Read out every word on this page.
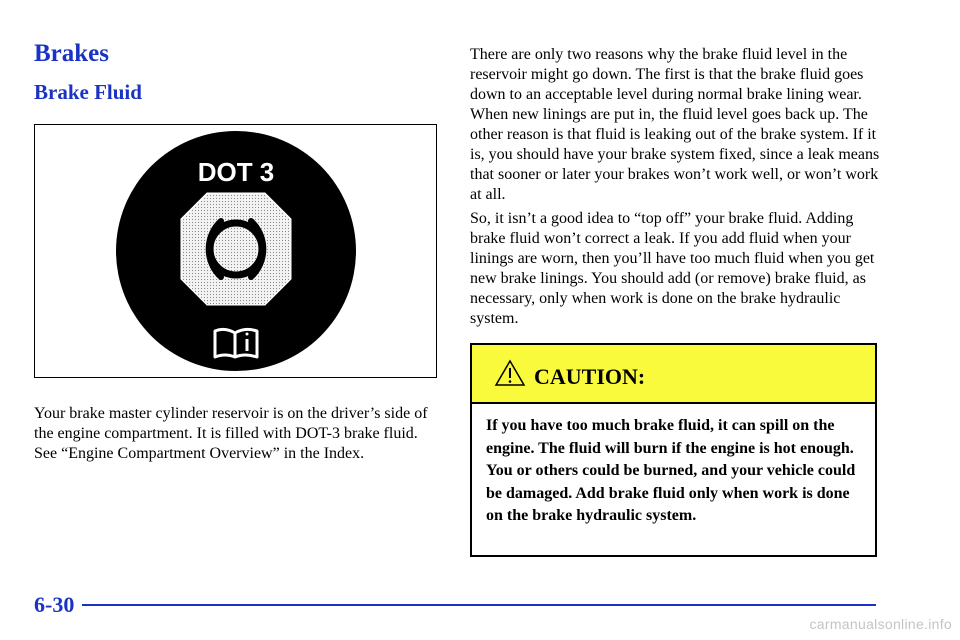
Brakes
Brake Fluid
DOT 3

Your brake master cylinder reservoir is on the driver’s side of the engine compartment. It is filled with DOT-3 brake fluid. See “Engine Compartment Overview” in the Index.

There are only two reasons why the brake fluid level in the reservoir might go down. The first is that the brake fluid goes down to an acceptable level during normal brake lining wear. When new linings are put in, the fluid level goes back up. The other reason is that fluid is leaking out of the brake system. If it is, you should have your brake system fixed, since a leak means that sooner or later your brakes won’t work well, or won’t work at all.

So, it isn’t a good idea to “top off” your brake fluid. Adding brake fluid won’t correct a leak. If you add fluid when your linings are worn, then you’ll have too much fluid when you get new brake linings. You should add (or remove) brake fluid, as necessary, only when work is done on the brake hydraulic system.

CAUTION:

If you have too much brake fluid, it can spill on the engine. The fluid will burn if the engine is hot enough. You or others could be burned, and your vehicle could be damaged. Add brake fluid only when work is done on the brake hydraulic system.

6-30
carmanualsonline.info
